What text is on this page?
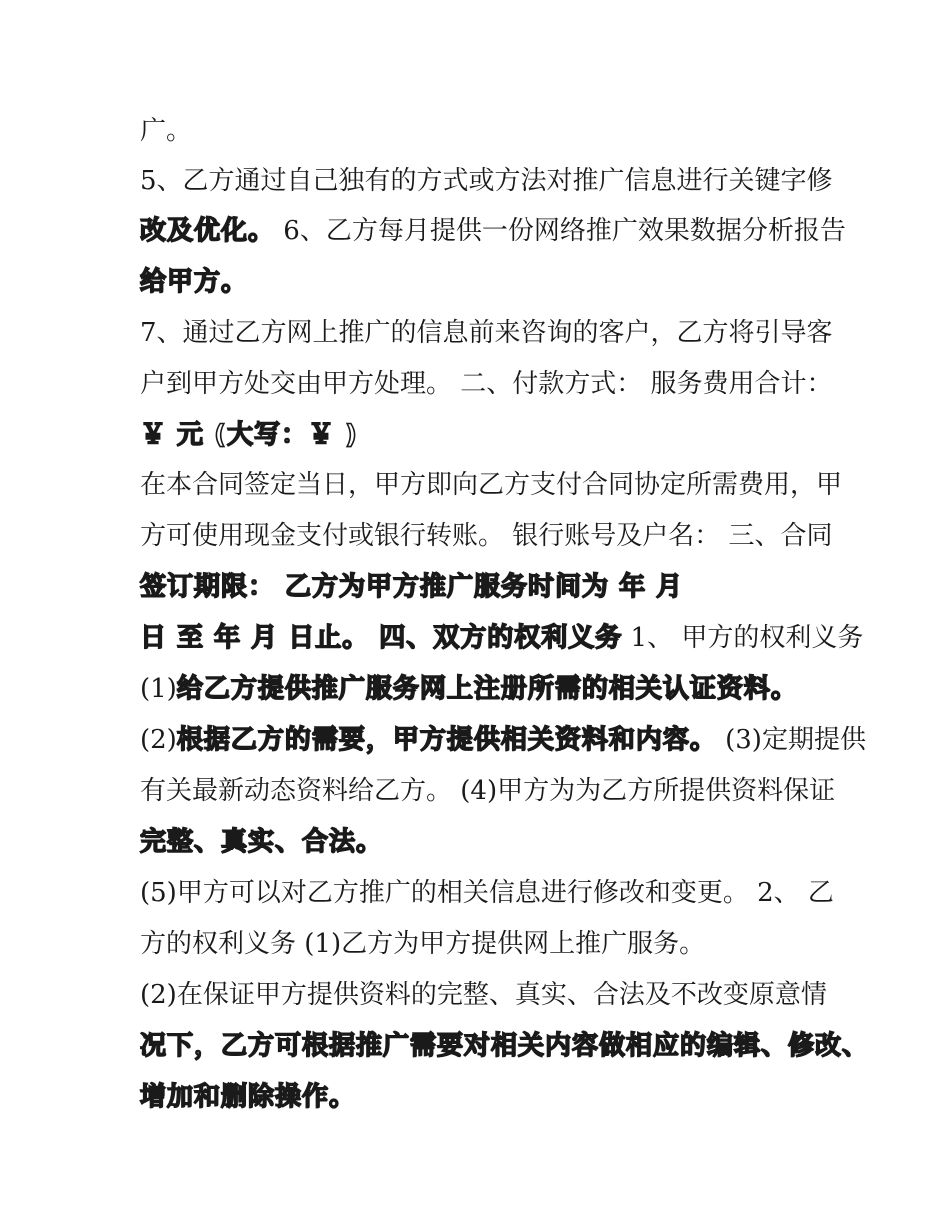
广。
5、乙方通过自己独有的方式或方法对推广信息进行关键字修
改及优化。 6、乙方每月提供一份网络推广效果数据分析报告
给甲方。
7、通过乙方网上推广的信息前来咨询的客户，乙方将引导客
户到甲方处交由甲方处理。 二、付款方式： 服务费用合计：
￥ 元 (大写：￥ )
在本合同签定当日，甲方即向乙方支付合同协定所需费用，甲
方可使用现金支付或银行转账。 银行账号及户名： 三、合同
签订期限： 乙方为甲方推广服务时间为 年 月
日 至 年 月 日止。 四、双方的权利义务 1、 甲方的权利义务
(1)给乙方提供推广服务网上注册所需的相关认证资料。
(2)根据乙方的需要，甲方提供相关资料和内容。 (3)定期提供
有关最新动态资料给乙方。 (4)甲方为为乙方所提供资料保证
完整、真实、合法。
(5)甲方可以对乙方推广的相关信息进行修改和变更。 2、 乙
方的权利义务 (1)乙方为甲方提供网上推广服务。
(2)在保证甲方提供资料的完整、真实、合法及不改变原意情
况下，乙方可根据推广需要对相关内容做相应的编辑、修改、
增加和删除操作。
